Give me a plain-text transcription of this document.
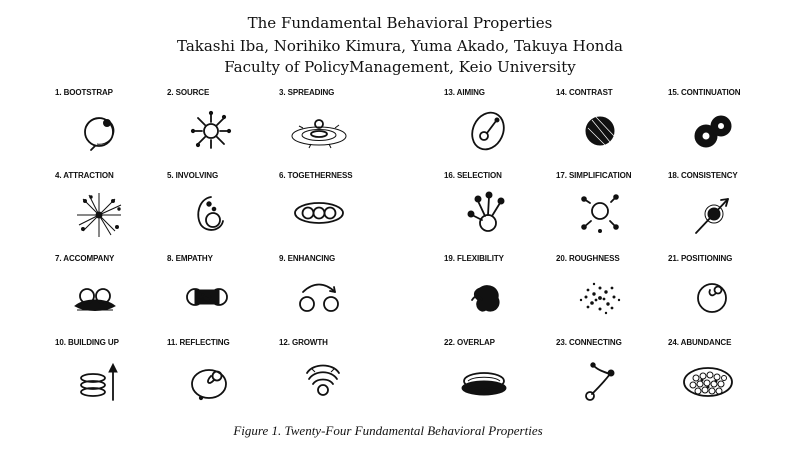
The Fundamental Behavioral Properties
Takashi Iba, Norihiko Kimura, Yuma Akado, Takuya Honda
Faculty of PolicyManagement, Keio University
1. BOOTSTRAP	2. SOURCE	3. SPREADING	13. AIMING	14. CONTRAST	15. CONTINUATION
4. ATTRACTION	5. INVOLVING	6. TOGETHERNESS	16. SELECTION	17. SIMPLIFICATION	18. CONSISTENCY
7. ACCOMPANY	8. EMPATHY	9. ENHANCING	19. FLEXIBILITY	20. ROUGHNESS	21. POSITIONING
10. BUILDING UP	11. REFLECTING	12. GROWTH	22. OVERLAP	23. CONNECTING	24. ABUNDANCE
Figure 1. Twenty-Four Fundamental Behavioral Properties
